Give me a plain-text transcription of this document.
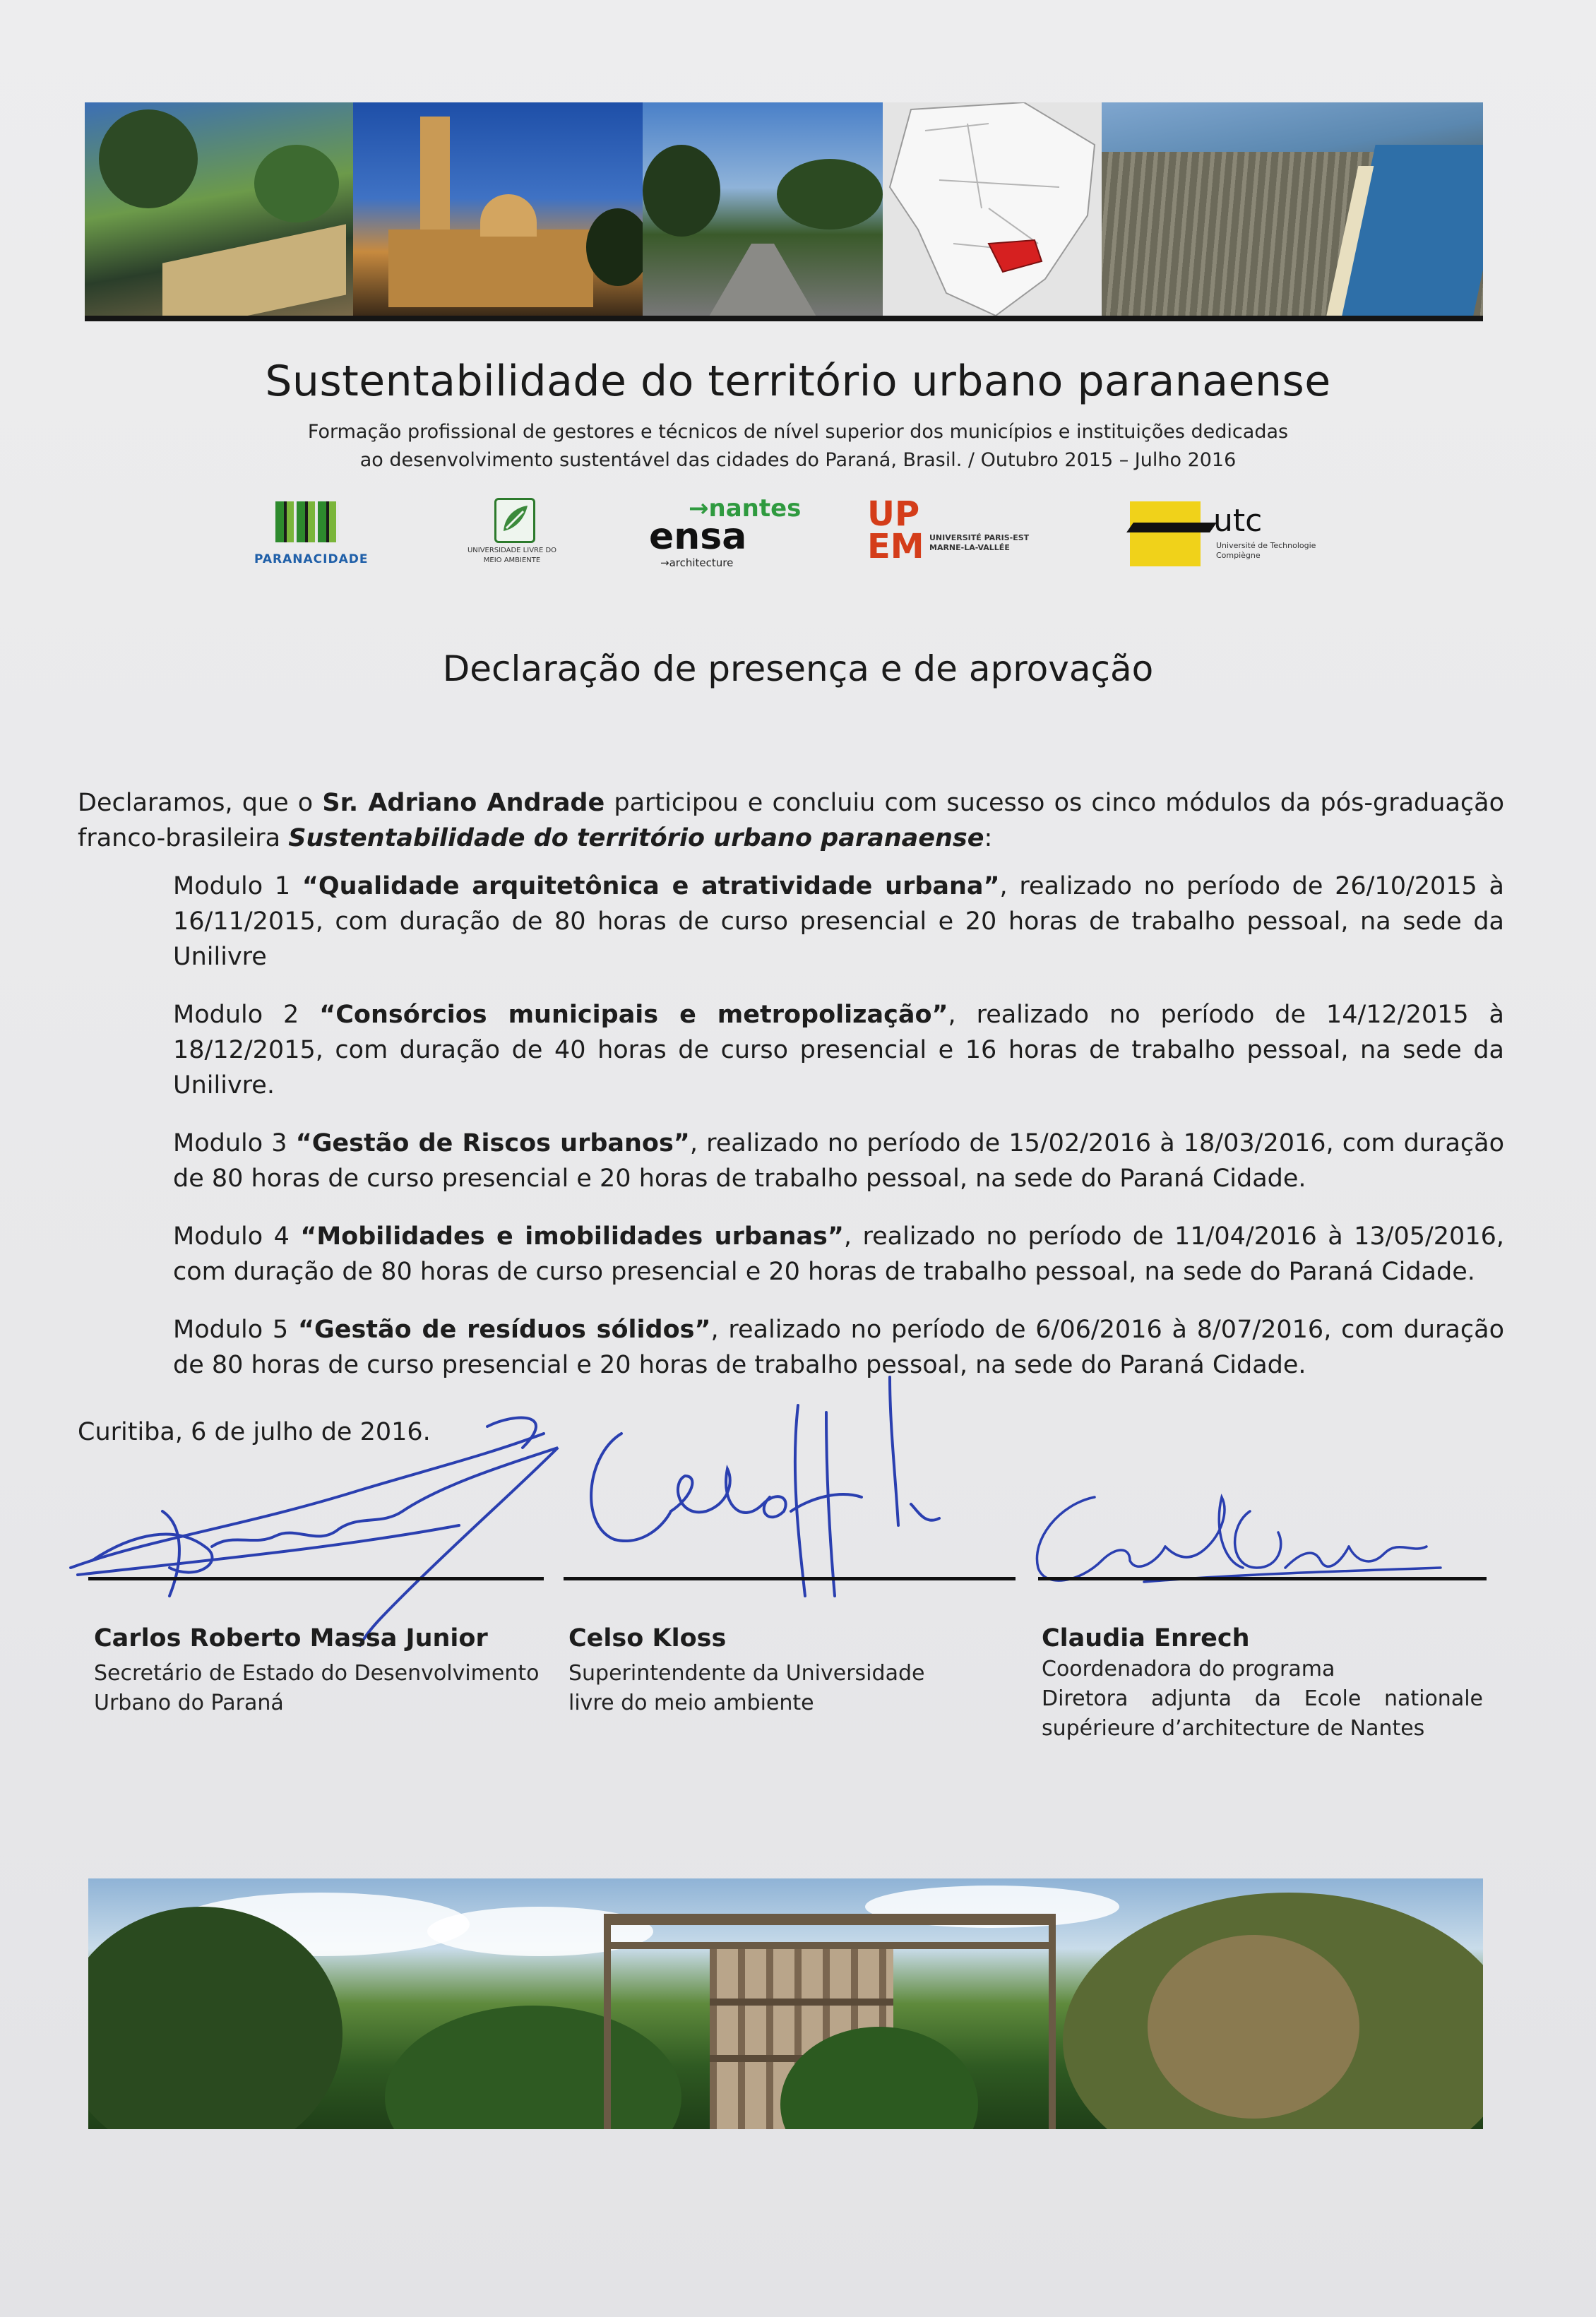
Sustentabilidade do território urbano paranaense
Formação profissional de gestores e técnicos de nível superior dos municípios e instituições dedicadas
ao desenvolvimento sustentável das cidades do Paraná, Brasil. / Outubro 2015 – Julho 2016
PARANACIDADE
UNIVERSIDADE LIVRE DO MEIO AMBIENTE
→nantes
ensa
→architecture
UP EM UNIVERSITÉ PARIS-EST MARNE-LA-VALLÉE
utc
Université de Technologie Compiègne
Declaração de presença e de aprovação

Declaramos, que o Sr. Adriano Andrade participou e concluiu com sucesso os cinco módulos da pós-graduação franco-brasileira Sustentabilidade do território urbano paranaense:

Modulo 1 “Qualidade arquitetônica e atratividade urbana”, realizado no período de 26/10/2015 à 16/11/2015, com duração de 80 horas de curso presencial e 20 horas de trabalho pessoal, na sede da Unilivre

Modulo 2 “Consórcios municipais e metropolização”, realizado no período de 14/12/2015 à 18/12/2015, com duração de 40 horas de curso presencial e 16 horas de trabalho pessoal, na sede da Unilivre.

Modulo 3 “Gestão de Riscos urbanos”, realizado no período de 15/02/2016 à 18/03/2016, com duração de 80 horas de curso presencial e 20 horas de trabalho pessoal, na sede do Paraná Cidade.

Modulo 4 “Mobilidades e imobilidades urbanas”, realizado no período de 11/04/2016 à 13/05/2016, com duração de 80 horas de curso presencial e 20 horas de trabalho pessoal, na sede do Paraná Cidade.

Modulo 5 “Gestão de resíduos sólidos”, realizado no período de 6/06/2016 à 8/07/2016, com duração de 80 horas de curso presencial e 20 horas de trabalho pessoal, na sede do Paraná Cidade.

Curitiba, 6 de julho de 2016.
Carlos Roberto Massa Junior
Secretário de Estado do Desenvolvimento
Urbano do Paraná
Celso Kloss
Superintendente da Universidade
livre do meio ambiente
Claudia Enrech
Coordenadora do programa
Diretora adjunta da Ecole nationale
supérieure d’architecture de Nantes
